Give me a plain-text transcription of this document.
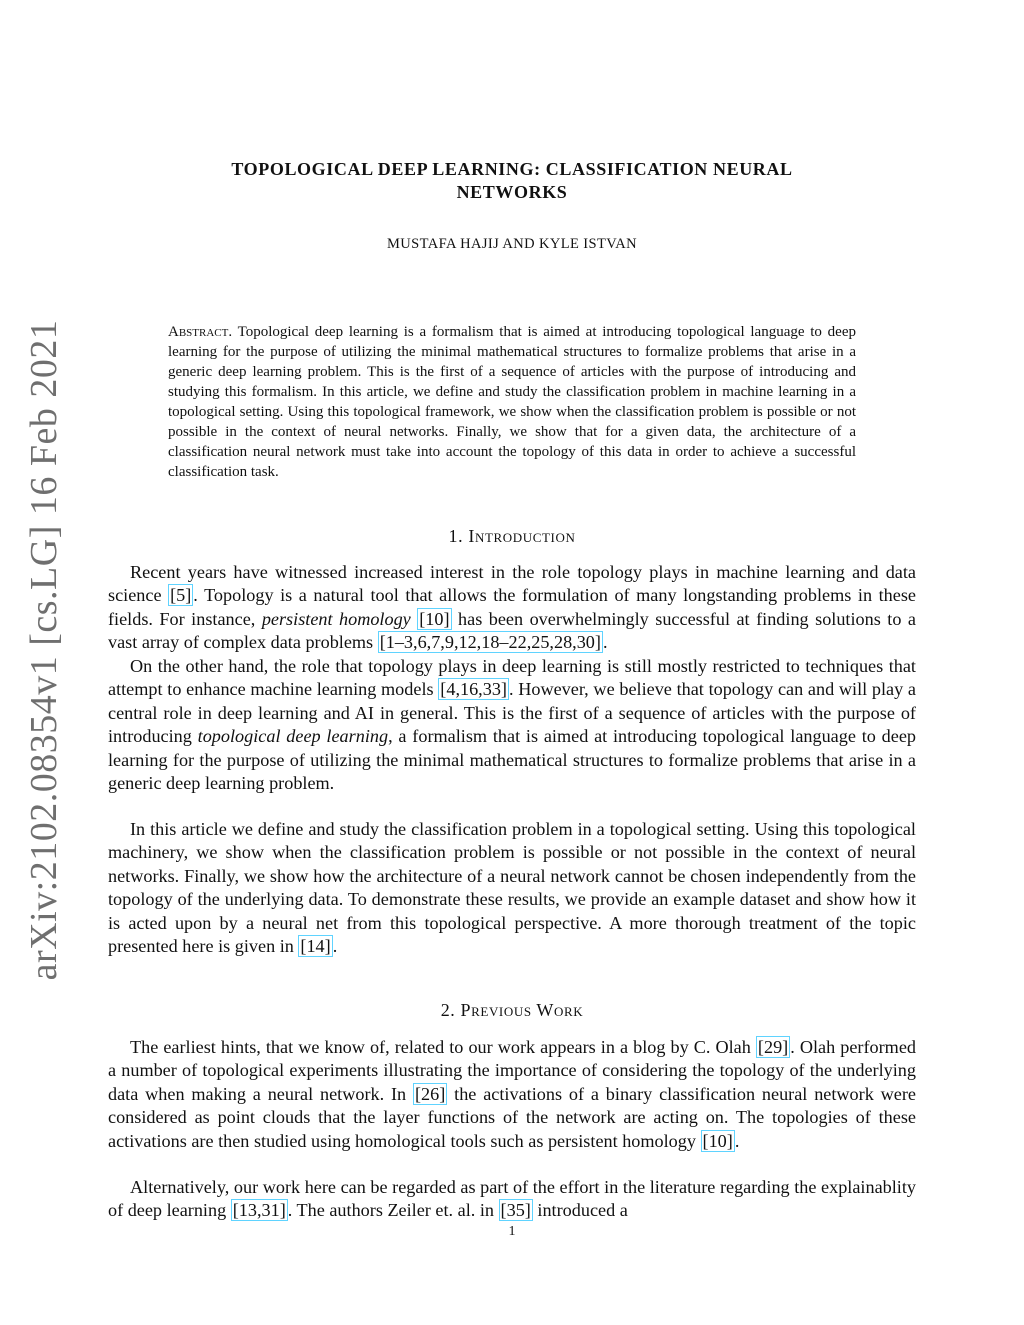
arXiv:2102.08354v1 [cs.LG] 16 Feb 2021
TOPOLOGICAL DEEP LEARNING: CLASSIFICATION NEURAL
NETWORKS
MUSTAFA HAJIJ AND KYLE ISTVAN
Abstract. Topological deep learning is a formalism that is aimed at introducing topological language to deep learning for the purpose of utilizing the minimal mathematical structures to formalize problems that arise in a generic deep learning problem. This is the first of a sequence of articles with the purpose of introducing and studying this formalism. In this article, we define and study the classification problem in machine learning in a topological setting. Using this topological framework, we show when the classification problem is possible or not possible in the context of neural networks. Finally, we show that for a given data, the architecture of a classification neural network must take into account the topology of this data in order to achieve a successful classification task.
1. Introduction

Recent years have witnessed increased interest in the role topology plays in machine learning and data science [5] . Topology is a natural tool that allows the formulation of many longstanding problems in these fields. For instance, persistent homology [10] has been overwhelmingly successful at finding solutions to a vast array of complex data problems [1–3,6,7,9,12,18–22,25,28,30] .

On the other hand, the role that topology plays in deep learning is still mostly restricted to techniques that attempt to enhance machine learning models [4,16,33] . However, we believe that topology can and will play a central role in deep learning and AI in general. This is the first of a sequence of articles with the purpose of introducing topological deep learning, a formalism that is aimed at introducing topological language to deep learning for the purpose of utilizing the minimal mathematical structures to formalize problems that arise in a generic deep learning problem.

In this article we define and study the classification problem in a topological setting. Using this topological machinery, we show when the classification problem is possible or not possible in the context of neural networks. Finally, we show how the architecture of a neural network cannot be chosen independently from the topology of the underlying data. To demonstrate these results, we provide an example dataset and show how it is acted upon by a neural net from this topological perspective. A more thorough treatment of the topic presented here is given in [14] .

2. Previous Work

The earliest hints, that we know of, related to our work appears in a blog by C. Olah [29] . Olah performed a number of topological experiments illustrating the importance of considering the topology of the underlying data when making a neural network. In [26] the activations of a binary classification neural network were considered as point clouds that the layer functions of the network are acting on. The topologies of these activations are then studied using homological tools such as persistent homology [10] .

Alternatively, our work here can be regarded as part of the effort in the literature regarding the explainablity of deep learning [13,31] . The authors Zeiler et. al. in [35] introduced a

1
